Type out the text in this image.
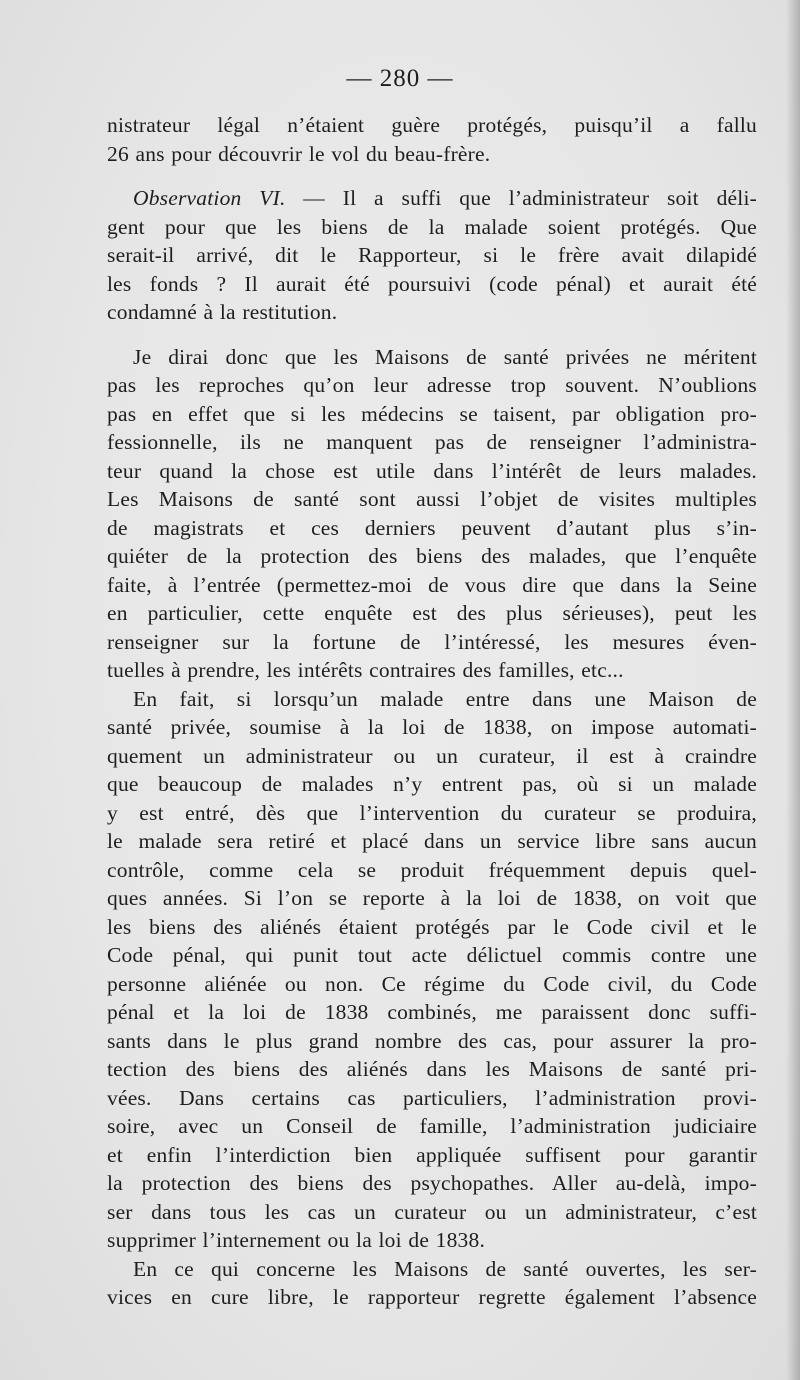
— 280 —
nistrateur légal n’étaient guère protégés, puisqu’il a fallu
26 ans pour découvrir le vol du beau-frère.
Observation VI. — Il a suffi que l’administrateur soit déli-
gent pour que les biens de la malade soient protégés. Que
serait-il arrivé, dit le Rapporteur, si le frère avait dilapidé
les fonds ? Il aurait été poursuivi (code pénal) et aurait été
condamné à la restitution.
Je dirai donc que les Maisons de santé privées ne méritent
pas les reproches qu’on leur adresse trop souvent. N’oublions
pas en effet que si les médecins se taisent, par obligation pro-
fessionnelle, ils ne manquent pas de renseigner l’administra-
teur quand la chose est utile dans l’intérêt de leurs malades.
Les Maisons de santé sont aussi l’objet de visites multiples
de magistrats et ces derniers peuvent d’autant plus s’in-
quiéter de la protection des biens des malades, que l’enquête
faite, à l’entrée (permettez-moi de vous dire que dans la Seine
en particulier, cette enquête est des plus sérieuses), peut les
renseigner sur la fortune de l’intéressé, les mesures éven-
tuelles à prendre, les intérêts contraires des familles, etc...
En fait, si lorsqu’un malade entre dans une Maison de
santé privée, soumise à la loi de 1838, on impose automati-
quement un administrateur ou un curateur, il est à craindre
que beaucoup de malades n’y entrent pas, où si un malade
y est entré, dès que l’intervention du curateur se produira,
le malade sera retiré et placé dans un service libre sans aucun
contrôle, comme cela se produit fréquemment depuis quel-
ques années. Si l’on se reporte à la loi de 1838, on voit que
les biens des aliénés étaient protégés par le Code civil et le
Code pénal, qui punit tout acte délictuel commis contre une
personne aliénée ou non. Ce régime du Code civil, du Code
pénal et la loi de 1838 combinés, me paraissent donc suffi-
sants dans le plus grand nombre des cas, pour assurer la pro-
tection des biens des aliénés dans les Maisons de santé pri-
vées. Dans certains cas particuliers, l’administration provi-
soire, avec un Conseil de famille, l’administration judiciaire
et enfin l’interdiction bien appliquée suffisent pour garantir
la protection des biens des psychopathes. Aller au-delà, impo-
ser dans tous les cas un curateur ou un administrateur, c’est
supprimer l’internement ou la loi de 1838.
En ce qui concerne les Maisons de santé ouvertes, les ser-
vices en cure libre, le rapporteur regrette également l’absence
